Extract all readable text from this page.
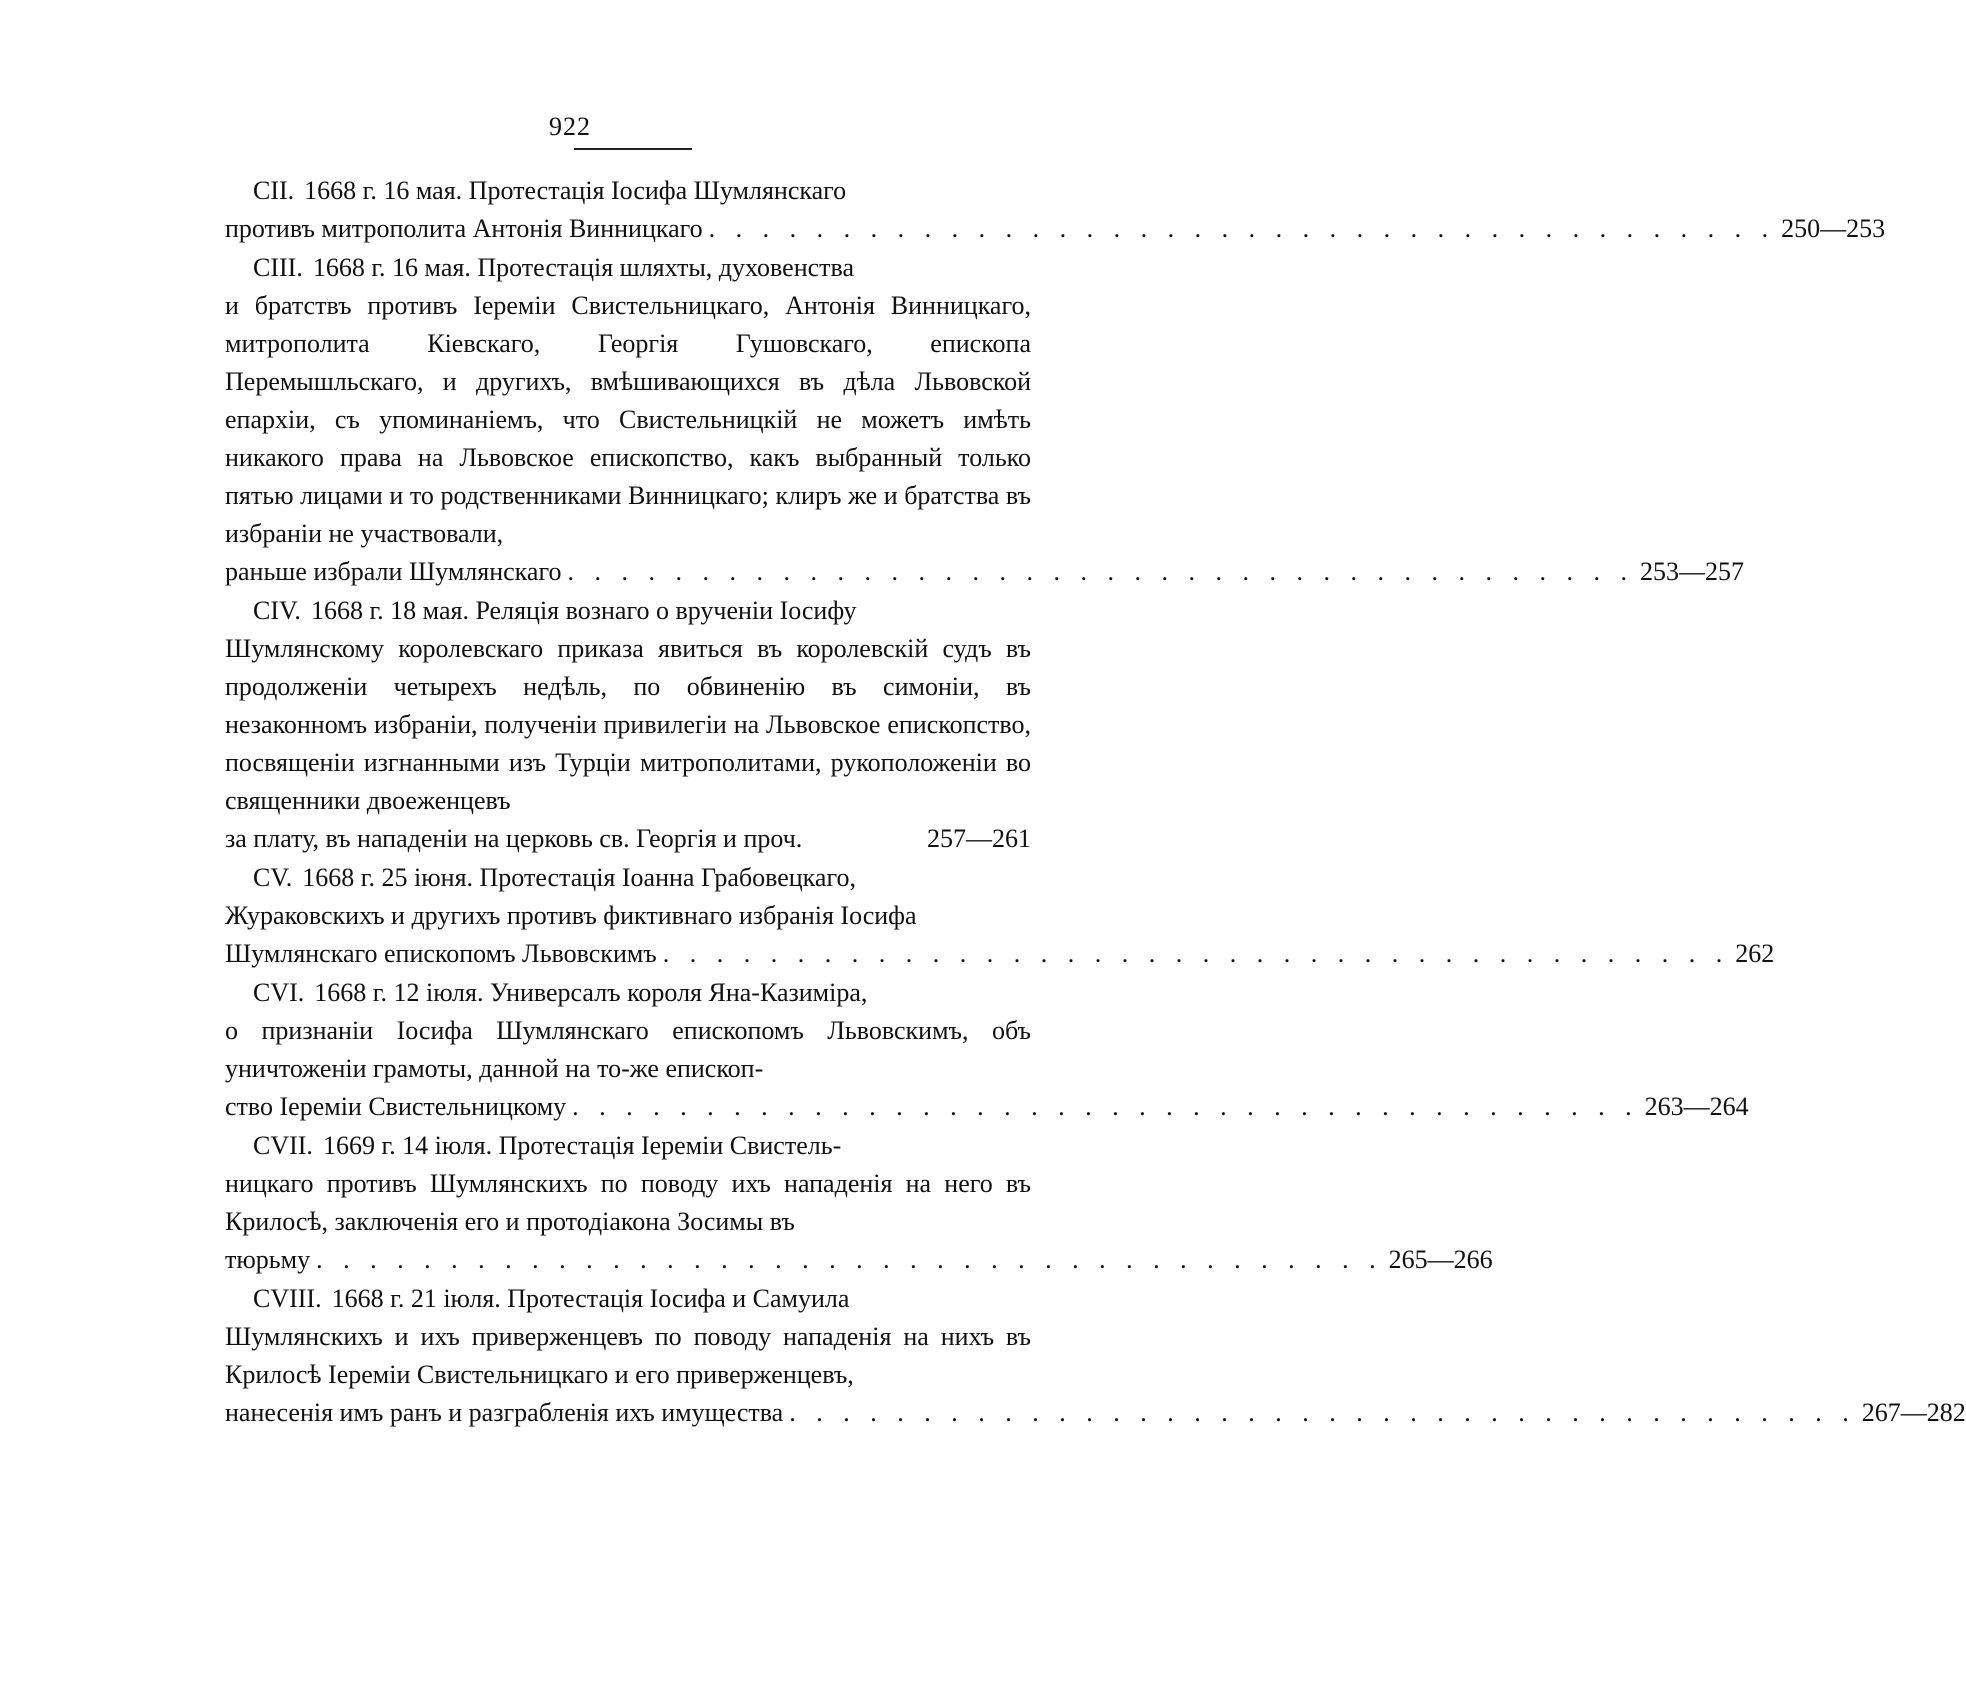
922
CII. 1668 г. 16 мая. Протестація Іосифа Шумлянскаго
противъ митрополита Антонія Винницкаго . . . . . . . . . . . . . . . . . . . . . . . . . . . . . . . . . . . . . . . . 250—253
CIII. 1668 г. 16 мая. Протестація шляхты, духовенства
и братствъ противъ Іереміи Свистельницкаго, Антонія Винницкаго, митрополита Кіевскаго, Георгія Гушовскаго, епископа Перемышльскаго, и другихъ, вмѣшивающихся въ дѣла Львовской епархіи, съ упоминаніемъ, что Свистельницкій не можетъ имѣть никакого права на Львовское епископство, какъ выбранный только пятью лицами и то родственниками Винницкаго; клиръ же и братства въ избраніи не участвовали,
раньше избрали Шумлянскаго . . . . . . . . . . . . . . . . . . . . . . . . . . . . . . . . . . . . . . . . 253—257
CIV. 1668 г. 18 мая. Реляція вознаго о врученіи Іосифу
Шумлянскому королевскаго приказа явиться въ королевскій судъ въ продолженіи четырехъ недѣль, по обвиненію въ симоніи, въ незаконномъ избраніи, полученіи привилегіи на Львовское епископство, посвященіи изгнанными изъ Турціи митрополитами, рукоположеніи во священники двоеженцевъ
за плату, въ нападеніи на церковь св. Георгія и проч.	257—261
CV. 1668 г. 25 іюня. Протестація Іоанна Грабовецкаго,
Жураковскихъ и другихъ противъ фиктивнаго избранія Іосифа
Шумлянскаго епископомъ Львовскимъ . . . . . . . . . . . . . . . . . . . . . . . . . . . . . . . . . . . . . . . . 262
CVI. 1668 г. 12 іюля. Универсалъ короля Яна-Казиміра,
о признаніи Іосифа Шумлянскаго епископомъ Львовскимъ, объ уничтоженіи грамоты, данной на то-же епископ-
ство Іереміи Свистельницкому . . . . . . . . . . . . . . . . . . . . . . . . . . . . . . . . . . . . . . . . 263—264
CVII. 1669 г. 14 іюля. Протестація Іереміи Свистель-
ницкаго противъ Шумлянскихъ по поводу ихъ нападенія на него въ Крилосѣ, заключенія его и протодіакона Зосимы въ
тюрьму . . . . . . . . . . . . . . . . . . . . . . . . . . . . . . . . . . . . . . . . 265—266
CVIII. 1668 г. 21 іюля. Протестація Іосифа и Самуила
Шумлянскихъ и ихъ приверженцевъ по поводу нападенія на нихъ въ Крилосѣ Іереміи Свистельницкаго и его приверженцевъ,
нанесенія имъ ранъ и разграбленія ихъ имущества . . . . . . . . . . . . . . . . . . . . . . . . . . . . . . . . . . . . . . . . 267—282
